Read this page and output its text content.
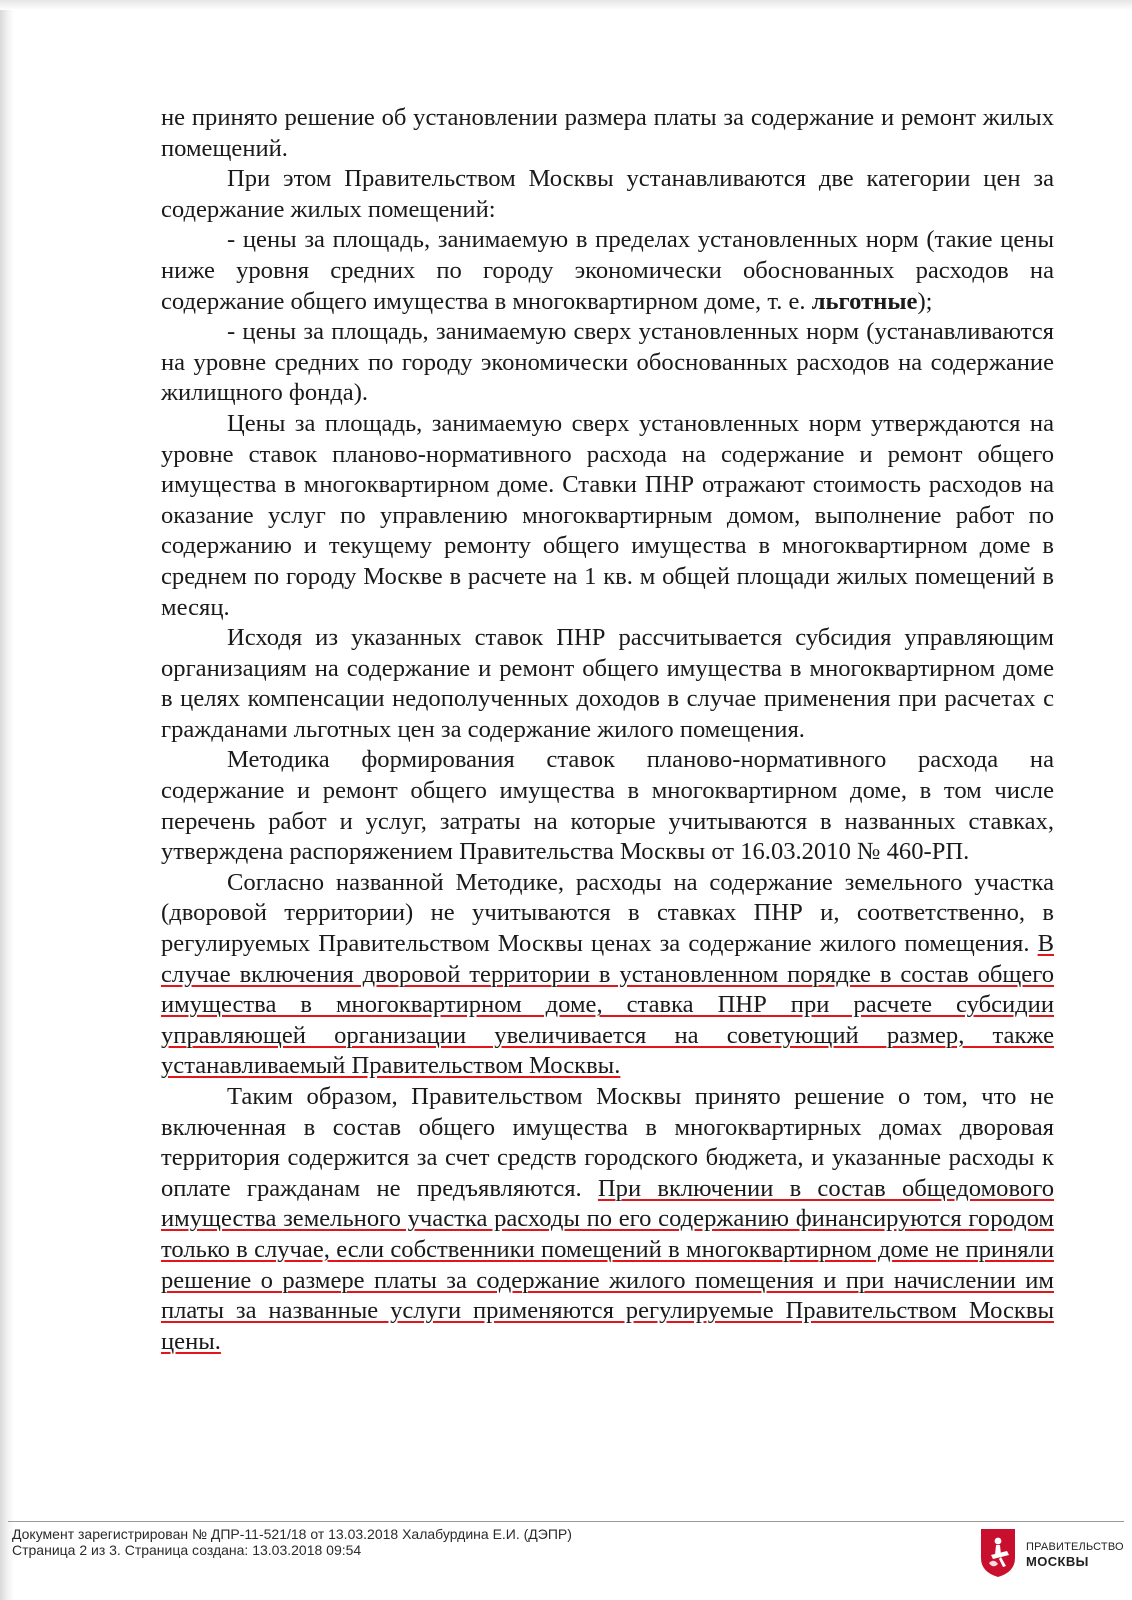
не принято решение об установлении размера платы за содержание и ремонт жилых помещений.

При этом Правительством Москвы устанавливаются две категории цен за содержание жилых помещений:

- цены за площадь, занимаемую в пределах установленных норм (такие цены ниже уровня средних по городу экономически обоснованных расходов на содержание общего имущества в многоквартирном доме, т. е. льготные);

- цены за площадь, занимаемую сверх установленных норм (устанавливаются на уровне средних по городу экономически обоснованных расходов на содержание жилищного фонда).

Цены за площадь, занимаемую сверх установленных норм утверждаются на уровне ставок планово-нормативного расхода на содержание и ремонт общего имущества в многоквартирном доме. Ставки ПНР отражают стоимость расходов на оказание услуг по управлению многоквартирным домом, выполнение работ по содержанию и текущему ремонту общего имущества в многоквартирном доме в среднем по городу Москве в расчете на 1 кв. м общей площади жилых помещений в месяц.

Исходя из указанных ставок ПНР рассчитывается субсидия управляющим организациям на содержание и ремонт общего имущества в многоквартирном доме в целях компенсации недополученных доходов в случае применения при расчетах с гражданами льготных цен за содержание жилого помещения.

Методика формирования ставок планово-нормативного расхода на содержание и ремонт общего имущества в многоквартирном доме, в том числе перечень работ и услуг, затраты на которые учитываются в названных ставках, утверждена распоряжением Правительства Москвы от 16.03.2010 № 460-РП.

Согласно названной Методике, расходы на содержание земельного участка (дворовой территории) не учитываются в ставках ПНР и, соответственно, в регулируемых Правительством Москвы ценах за содержание жилого помещения. В случае включения дворовой территории в установленном порядке в состав общего имущества в многоквартирном доме, ставка ПНР при расчете субсидии управляющей организации увеличивается на советующий размер, также устанавливаемый Правительством Москвы.

Таким образом, Правительством Москвы принято решение о том, что не включенная в состав общего имущества в многоквартирных домах дворовая территория содержится за счет средств городского бюджета, и указанные расходы к оплате гражданам не предъявляются. При включении в состав общедомового имущества земельного участка расходы по его содержанию финансируются городом только в случае, если собственники помещений в многоквартирном доме не приняли решение о размере платы за содержание жилого помещения и при начислении им платы за названные услуги применяются регулируемые Правительством Москвы цены.

Документ зарегистрирован № ДПР-11-521/18 от 13.03.2018 Халабурдина Е.И. (ДЭПР)
Страница 2 из 3. Страница создана: 13.03.2018 09:54	ПРАВИТЕЛЬСТВО
МОСКВЫ
